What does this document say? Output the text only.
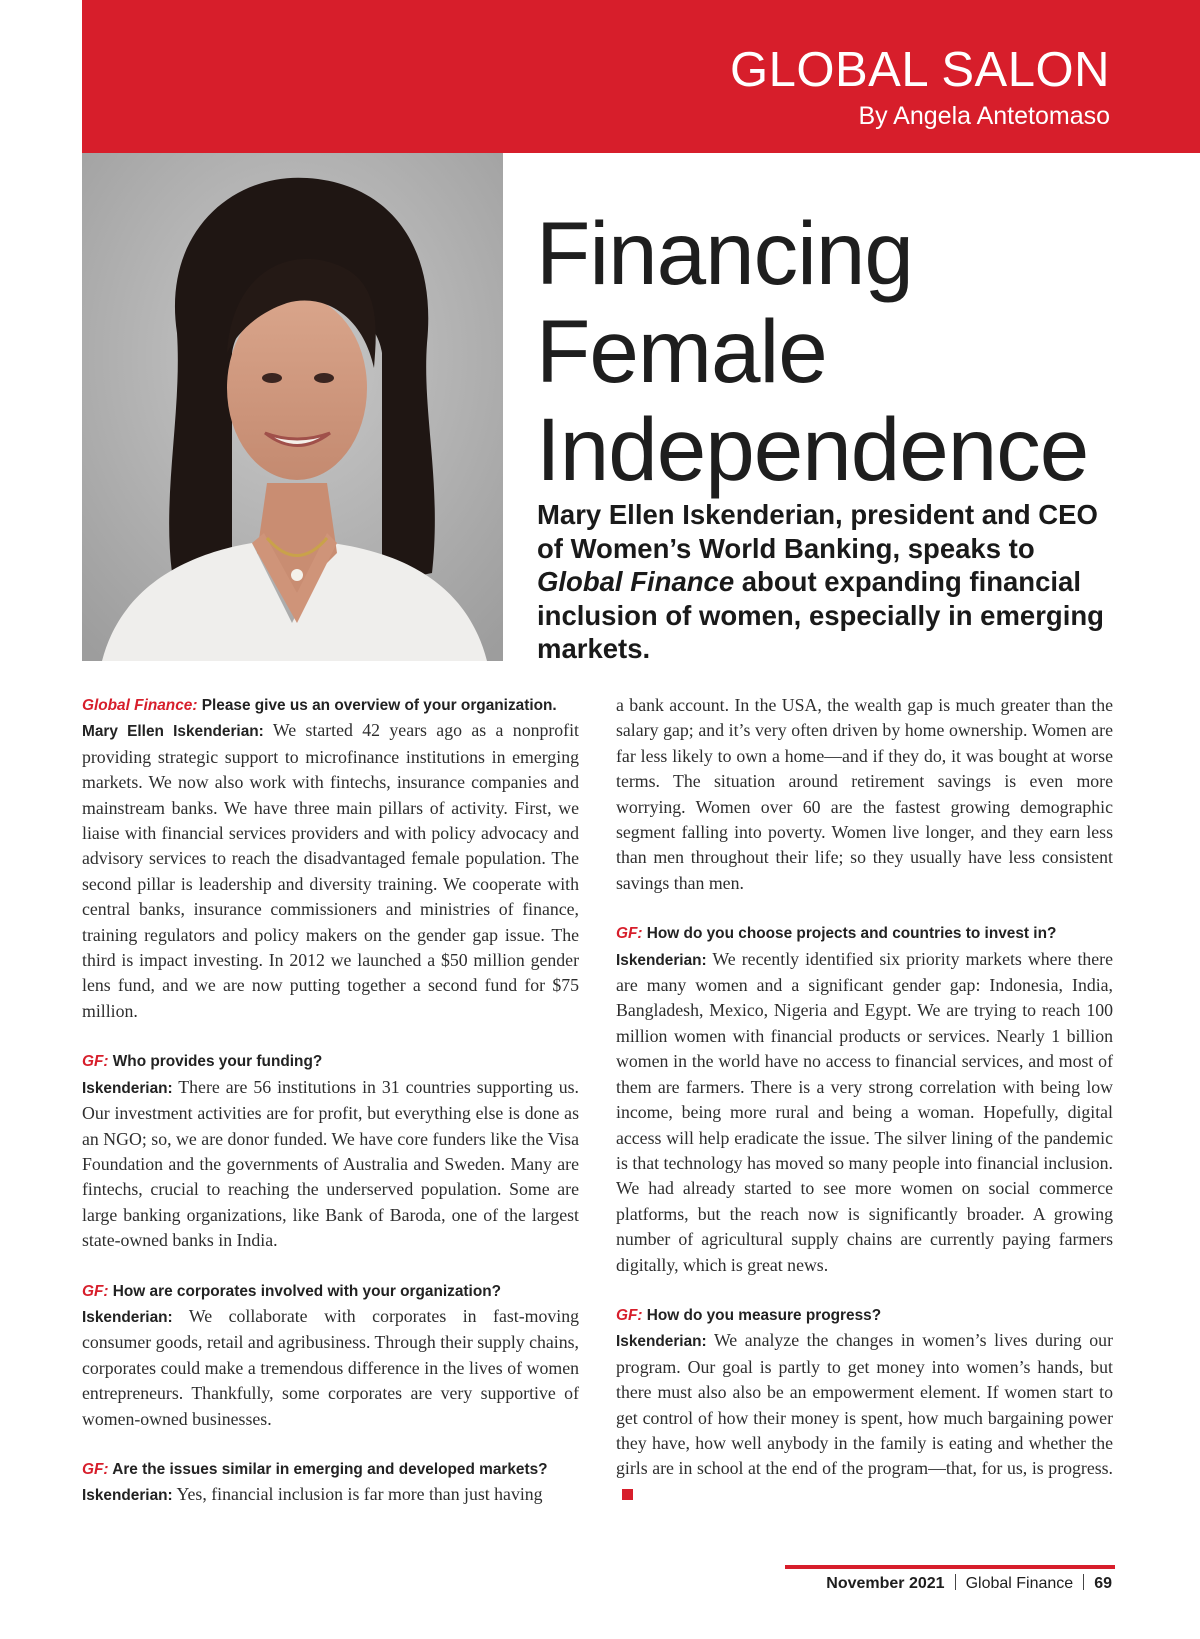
GLOBAL SALON
By Angela Antetomaso
Financing
Female
Independence
Mary Ellen Iskenderian, president and CEO of Women’s World Banking, speaks to Global Finance about expanding financial inclusion of women, especially in emerging markets.

Global Finance: Please give us an overview of your organization.

Mary Ellen Iskenderian: We started 42 years ago as a nonprofit providing strategic support to microfinance institutions in emerging markets. We now also work with fintechs, insurance companies and mainstream banks. We have three main pillars of activity. First, we liaise with financial services providers and with policy advocacy and advisory services to reach the disadvantaged female population. The second pillar is leadership and diversity training. We cooperate with central banks, insurance commissioners and ministries of finance, training regulators and policy makers on the gender gap issue. The third is impact investing. In 2012 we launched a $50 million gender lens fund, and we are now putting together a second fund for $75 million.

GF: Who provides your funding?

Iskenderian: There are 56 institutions in 31 countries supporting us. Our investment activities are for profit, but everything else is done as an NGO; so, we are donor funded. We have core funders like the Visa Foundation and the governments of Australia and Sweden. Many are fintechs, crucial to reaching the underserved population. Some are large banking organizations, like Bank of Baroda, one of the largest state-owned banks in India.

GF: How are corporates involved with your organization?

Iskenderian: We collaborate with corporates in fast-moving consumer goods, retail and agribusiness. Through their supply chains, corporates could make a tremendous difference in the lives of women entrepreneurs. Thankfully, some corporates are very supportive of women-owned businesses.

GF: Are the issues similar in emerging and developed markets?

Iskenderian: Yes, financial inclusion is far more than just having

a bank account. In the USA, the wealth gap is much greater than the salary gap; and it’s very often driven by home ownership. Women are far less likely to own a home—and if they do, it was bought at worse terms. The situation around retirement savings is even more worrying. Women over 60 are the fastest growing demographic segment falling into poverty. Women live longer, and they earn less than men throughout their life; so they usually have less consistent savings than men.

GF: How do you choose projects and countries to invest in?

Iskenderian: We recently identified six priority markets where there are many women and a significant gender gap: Indonesia, India, Bangladesh, Mexico, Nigeria and Egypt. We are trying to reach 100 million women with financial products or services. Nearly 1 billion women in the world have no access to financial services, and most of them are farmers. There is a very strong correlation with being low income, being more rural and being a woman. Hopefully, digital access will help eradicate the issue. The silver lining of the pandemic is that technology has moved so many people into financial inclusion. We had already started to see more women on social commerce platforms, but the reach now is significantly broader. A growing number of agricultural supply chains are currently paying farmers digitally, which is great news.

GF: How do you measure progress?

Iskenderian: We analyze the changes in women’s lives during our program. Our goal is partly to get money into women’s hands, but there must also also be an empowerment element. If women start to get control of how their money is spent, how much bargaining power they have, how well anybody in the family is eating and whether the girls are in school at the end of the program—that, for us, is progress.

November 2021 Global Finance 69
